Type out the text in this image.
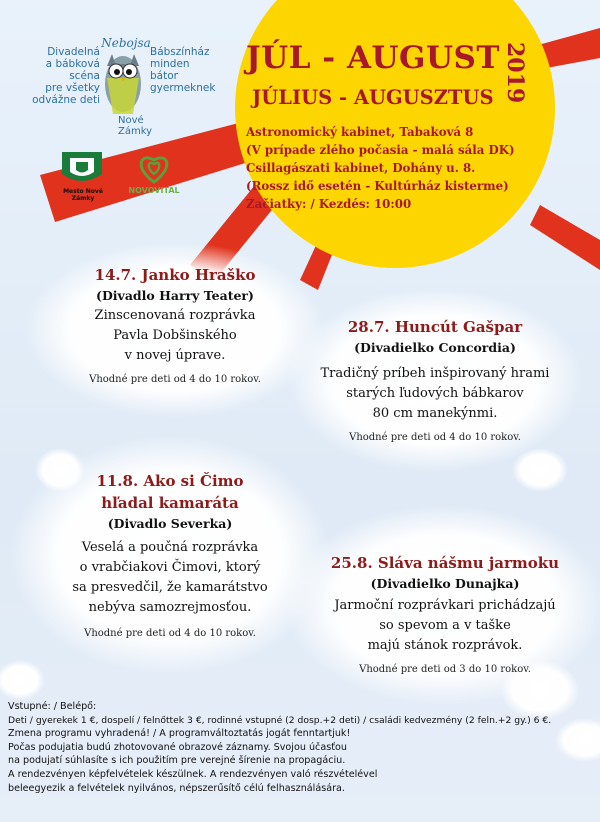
Nebojsa
Divadelná
a bábková scéna
pre všetky
odvážne deti
Bábszínház
minden
bátor
gyermeknek
Nové Zámky
Mesto Nové Zámky
NOVOVITAL
JÚL - AUGUST 2019
JÚLIUS - AUGUSZTUS
Astronomický kabinet, Tabaková 8
(V prípade zlého počasia - malá sála DK)
Csillagászati kabinet, Dohány u. 8.
(Rossz idő esetén - Kultúrház kisterme)
Začiatky: / Kezdés: 10:00
14.7. Janko Hraško
(Divadlo Harry Teater)
Zinscenovaná rozprávka
Pavla Dobšinského
v novej úprave.
Vhodné pre deti od 4 do 10 rokov.
28.7. Huncút Gašpar
(Divadielko Concordia)
Tradičný príbeh inšpirovaný hrami
starých ľudových bábkarov
80 cm manekýnmi.
Vhodné pre deti od 4 do 10 rokov.
11.8. Ako si Čimo
hľadal kamaráta
(Divadlo Severka)
Veselá a poučná rozprávka
o vrabčiakovi Čimovi, ktorý
sa presvedčil, že kamarátstvo
nebýva samozrejmosťou.
Vhodné pre deti od 4 do 10 rokov.
25.8. Sláva nášmu jarmoku
(Divadielko Dunajka)
Jarmoční rozprávkari prichádzajú
so spevom a v taške
majú stánok rozprávok.
Vhodné pre deti od 3 do 10 rokov.
Vstupné: / Belépő:
Deti / gyerekek 1 €, dospelí / felnőttek 3 €, rodinné vstupné (2 dosp.+2 deti) / családi kedvezmény (2 feln.+2 gy.) 6 €.
Zmena programu vyhradená! / A programváltoztatás jogát fenntartjuk!
Počas podujatia budú zhotovované obrazové záznamy. Svojou účasťou
na podujatí súhlasíte s ich použitím pre verejné šírenie na propagáciu.
A rendezvényen képfelvételek készülnek. A rendezvényen való részvételével
beleegyezik a felvételek nyilvános, népszerűsítő célú felhasználására.
